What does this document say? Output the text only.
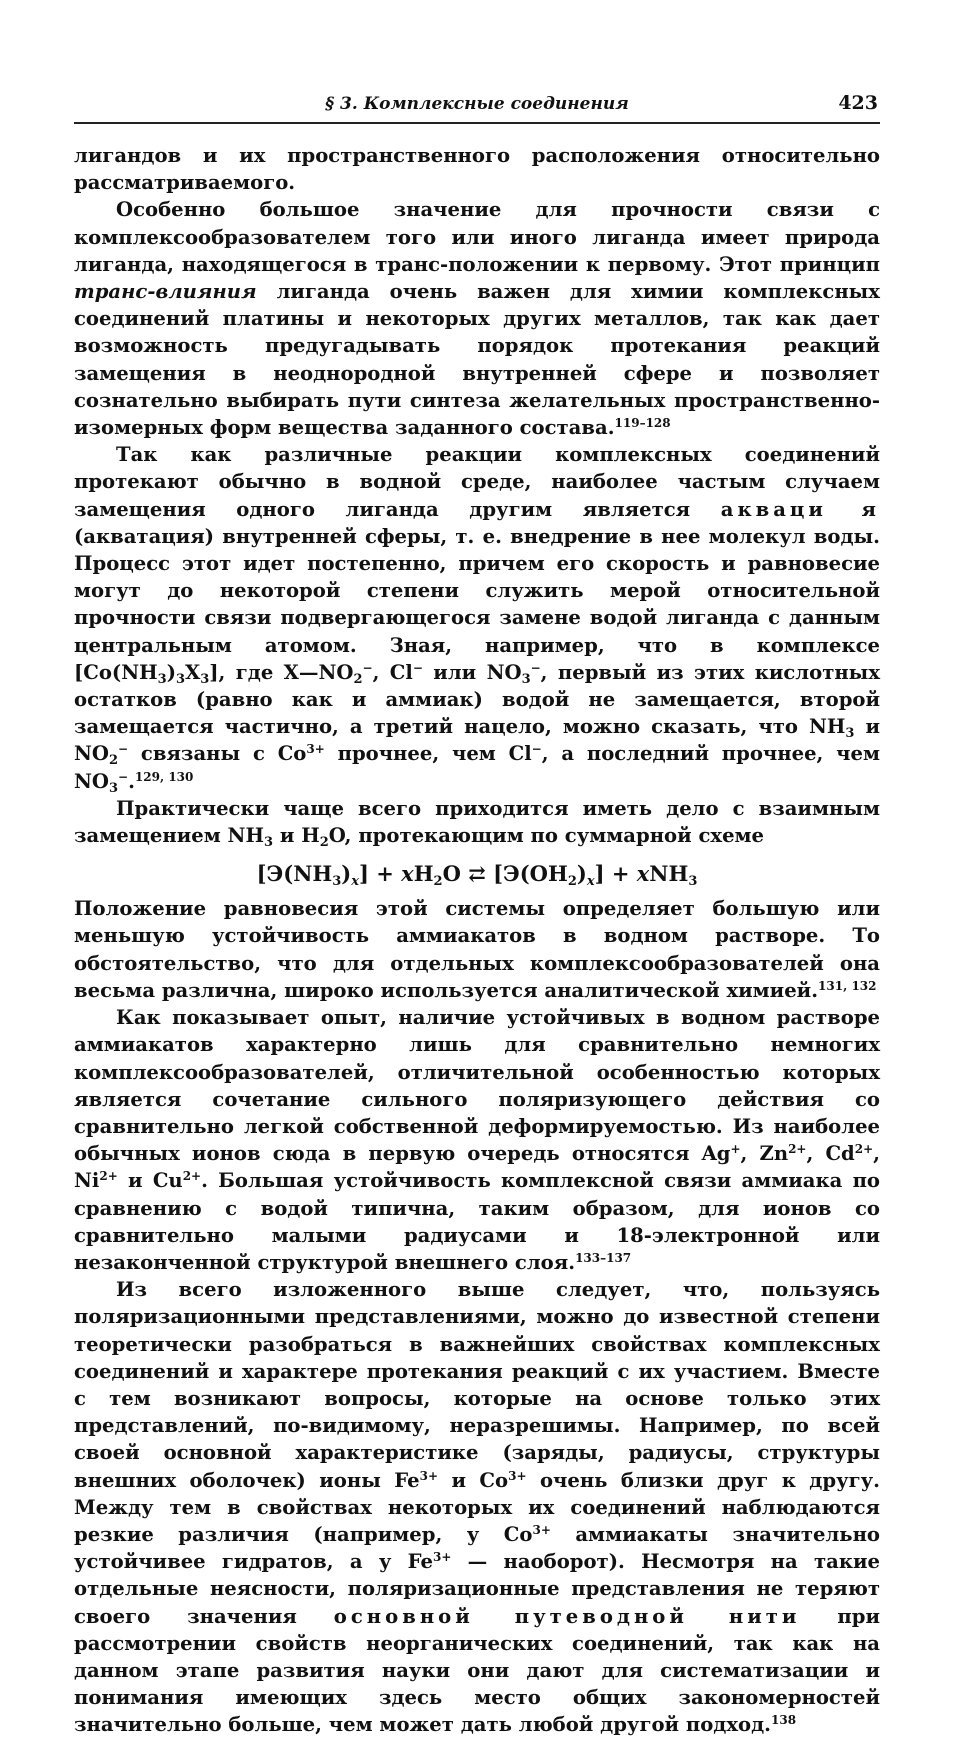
§ 3. Комплексные соединения	423

лигандов и их пространственного расположения относительно рассматриваемого.

Особенно большое значение для прочности связи с комплексообразователем того или иного лиганда имеет природа лиганда, находящегося в транс-положении к первому. Этот принцип транс-влияния лиганда очень важен для химии комплексных соединений платины и некоторых других металлов, так как дает возможность предугадывать порядок протекания реакций замещения в неоднородной внутренней сфере и позволяет сознательно выбирать пути синтеза желательных пространственно-изомерных форм вещества заданного состава.$^{119-128}$

Так как различные реакции комплексных соединений протекают обычно в водной среде, наиболее частым случаем замещения одного лиганда другим является акваци я (акватация) внутренней сферы, т. е. внедрение в нее молекул воды. Процесс этот идет постепенно, причем его скорость и равновесие могут до некоторой степени служить мерой относительной прочности связи подвергающегося замене водой лиганда с данным центральным атомом. Зная, например, что в комплексе $[Co(NH_3)_3X_3]$, где $X—NO_2^-$, Cl− или $NO_3^-$, первый из этих кислотных остатков (равно как и аммиак) водой не замещается, второй замещается частично, а третий нацело, можно сказать, что $NH_3$ и $NO_2^-$ связаны с $Co^{3+}$ прочнее, чем Cl−, а последний прочнее, чем $NO_3^-.^{129, 130}$

Практически чаще всего приходится иметь дело с взаимным замещением $NH_3$ и $H_2O$, протекающим по суммарной схеме

$[Э(NH_3)_x] + xH_2O$ ⇄ $[Э(OH_2)_x] + xNH_3$

Положение равновесия этой системы определяет большую или меньшую устойчивость аммиакатов в водном растворе. То обстоятельство, что для отдельных комплексообразователей она весьма различна, широко используется аналитической химией.$^{131, 132}$

Как показывает опыт, наличие устойчивых в водном растворе аммиакатов характерно лишь для сравнительно немногих комплексообразователей, отличительной особенностью которых является сочетание сильного поляризующего действия со сравнительно легкой собственной деформируемостью. Из наиболее обычных ионов сюда в первую очередь относятся Ag+, $Zn^{2+}$, $Cd^{2+}$, $Ni^{2+}$ и $Cu^{2+}$. Большая устойчивость комплексной связи аммиака по сравнению с водой типична, таким образом, для ионов со сравнительно малыми радиусами и 18-электронной или незаконченной структурой внешнего слоя.$^{133-137}$

Из всего изложенного выше следует, что, пользуясь поляризационными представлениями, можно до известной степени теоретически разобраться в важнейших свойствах комплексных соединений и характере протекания реакций с их участием. Вместе с тем возникают вопросы, которые на основе только этих представлений, по-видимому, неразрешимы. Например, по всей своей основной характеристике (заряды, радиусы, структуры внешних оболочек) ионы $Fe^{3+}$ и $Co^{3+}$ очень близки друг к другу. Между тем в свойствах некоторых их соединений наблюдаются резкие различия (например, у $Co^{3+}$ аммиакаты значительно устойчивее гидратов, а у $Fe^{3+}$ — наоборот). Несмотря на такие отдельные неясности, поляризационные представления не теряют своего значения основной путеводной нити при рассмотрении свойств неорганических соединений, так как на данном этапе развития науки они дают для систематизации и понимания имеющих здесь место общих закономерностей значительно больше, чем может дать любой другой подход.$^{138}$
